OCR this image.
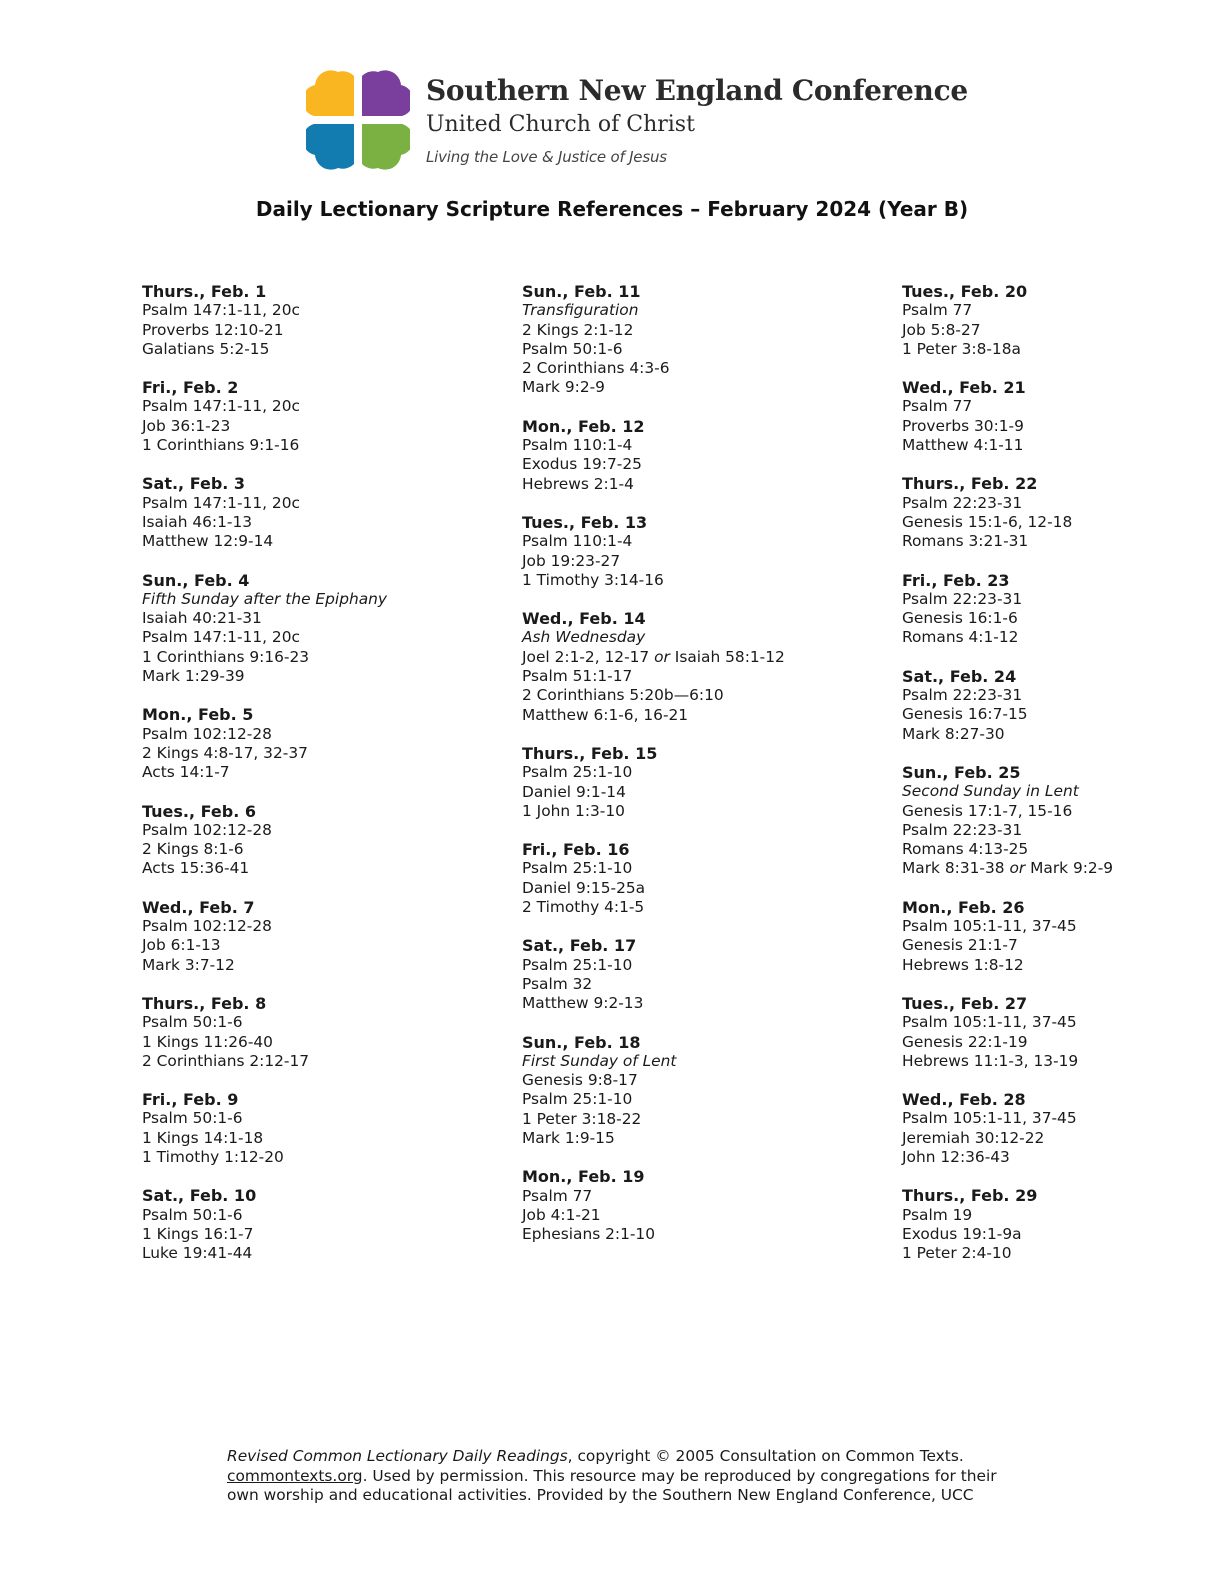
Southern New England Conference
United Church of Christ
Living the Love & Justice of Jesus
Daily Lectionary Scripture References – February 2024 (Year B)
Thurs., Feb. 1
Psalm 147:1-11, 20c
Proverbs 12:10-21
Galatians 5:2-15
Fri., Feb. 2
Psalm 147:1-11, 20c
Job 36:1-23
1 Corinthians 9:1-16
Sat., Feb. 3
Psalm 147:1-11, 20c
Isaiah 46:1-13
Matthew 12:9-14
Sun., Feb. 4
Fifth Sunday after the Epiphany
Isaiah 40:21-31
Psalm 147:1-11, 20c
1 Corinthians 9:16-23
Mark 1:29-39
Mon., Feb. 5
Psalm 102:12-28
2 Kings 4:8-17, 32-37
Acts 14:1-7
Tues., Feb. 6
Psalm 102:12-28
2 Kings 8:1-6
Acts 15:36-41
Wed., Feb. 7
Psalm 102:12-28
Job 6:1-13
Mark 3:7-12
Thurs., Feb. 8
Psalm 50:1-6
1 Kings 11:26-40
2 Corinthians 2:12-17
Fri., Feb. 9
Psalm 50:1-6
1 Kings 14:1-18
1 Timothy 1:12-20
Sat., Feb. 10
Psalm 50:1-6
1 Kings 16:1-7
Luke 19:41-44
Sun., Feb. 11
Transfiguration
2 Kings 2:1-12
Psalm 50:1-6
2 Corinthians 4:3-6
Mark 9:2-9
Mon., Feb. 12
Psalm 110:1-4
Exodus 19:7-25
Hebrews 2:1-4
Tues., Feb. 13
Psalm 110:1-4
Job 19:23-27
1 Timothy 3:14-16
Wed., Feb. 14
Ash Wednesday
Joel 2:1-2, 12-17 or Isaiah 58:1-12
Psalm 51:1-17
2 Corinthians 5:20b—6:10
Matthew 6:1-6, 16-21
Thurs., Feb. 15
Psalm 25:1-10
Daniel 9:1-14
1 John 1:3-10
Fri., Feb. 16
Psalm 25:1-10
Daniel 9:15-25a
2 Timothy 4:1-5
Sat., Feb. 17
Psalm 25:1-10
Psalm 32
Matthew 9:2-13
Sun., Feb. 18
First Sunday of Lent
Genesis 9:8-17
Psalm 25:1-10
1 Peter 3:18-22
Mark 1:9-15
Mon., Feb. 19
Psalm 77
Job 4:1-21
Ephesians 2:1-10
Tues., Feb. 20
Psalm 77
Job 5:8-27
1 Peter 3:8-18a
Wed., Feb. 21
Psalm 77
Proverbs 30:1-9
Matthew 4:1-11
Thurs., Feb. 22
Psalm 22:23-31
Genesis 15:1-6, 12-18
Romans 3:21-31
Fri., Feb. 23
Psalm 22:23-31
Genesis 16:1-6
Romans 4:1-12
Sat., Feb. 24
Psalm 22:23-31
Genesis 16:7-15
Mark 8:27-30
Sun., Feb. 25
Second Sunday in Lent
Genesis 17:1-7, 15-16
Psalm 22:23-31
Romans 4:13-25
Mark 8:31-38 or Mark 9:2-9
Mon., Feb. 26
Psalm 105:1-11, 37-45
Genesis 21:1-7
Hebrews 1:8-12
Tues., Feb. 27
Psalm 105:1-11, 37-45
Genesis 22:1-19
Hebrews 11:1-3, 13-19
Wed., Feb. 28
Psalm 105:1-11, 37-45
Jeremiah 30:12-22
John 12:36-43
Thurs., Feb. 29
Psalm 19
Exodus 19:1-9a
1 Peter 2:4-10
Revised Common Lectionary Daily Readings, copyright © 2005 Consultation on Common Texts.
commontexts.org. Used by permission. This resource may be reproduced by congregations for their
own worship and educational activities. Provided by the Southern New England Conference, UCC
